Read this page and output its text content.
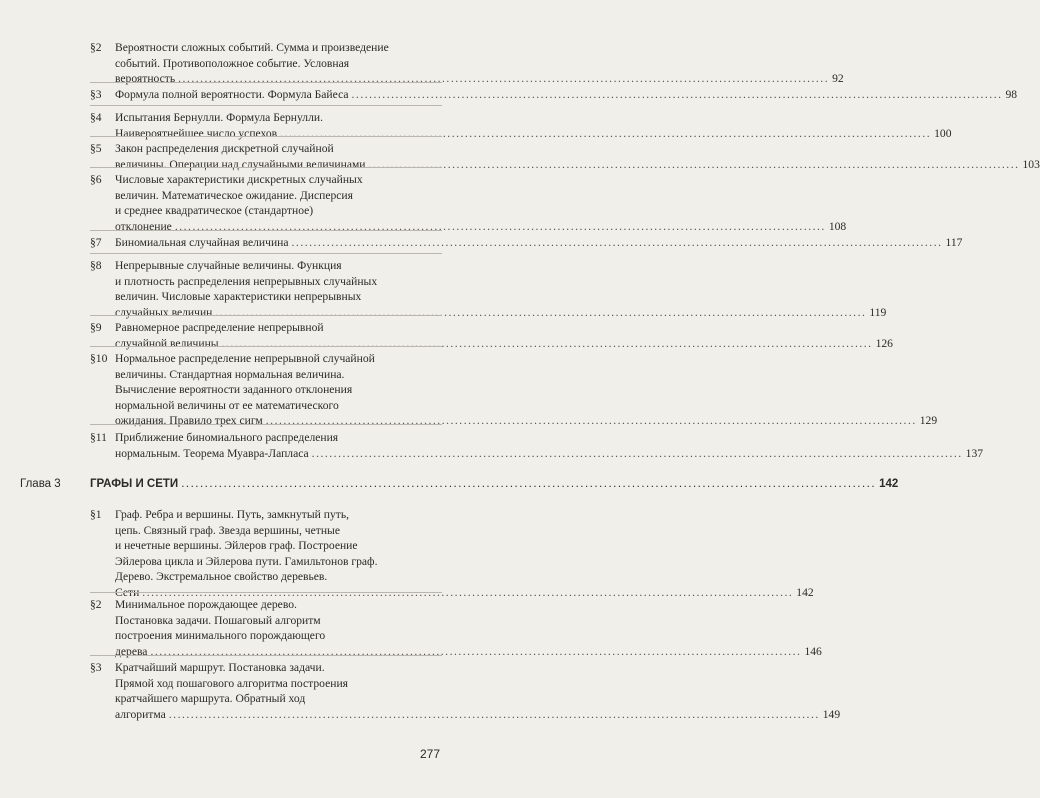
Глава 3	ГРАФЫ И СЕТИ .................................................................................................................................................... 142
277
§2	Вероятности сложных событий. Сумма и произведение
событий. Противоположное событие. Условная
вероятность .................................................................................................................................................... 92
§3	Формула полной вероятности. Формула Байеса .................................................................................................................................................... 98
§4	Испытания Бернулли. Формула Бернулли.
Наивероятнейшее число успехов .................................................................................................................................................... 100
§5	Закон распределения дискретной случайной
величины. Операции над случайными величинами .................................................................................................................................................... 103
§6	Числовые характеристики дискретных случайных
величин. Математическое ожидание. Дисперсия
и среднее квадратическое (стандартное)
отклонение .................................................................................................................................................... 108
§7	Биномиальная случайная величина .................................................................................................................................................... 117
§8	Непрерывные случайные величины. Функция
и плотность распределения непрерывных случайных
величин. Числовые характеристики непрерывных
случайных величин .................................................................................................................................................... 119
§9	Равномерное распределение непрерывной
случайной величины .................................................................................................................................................... 126
§10 Нормальное распределение непрерывной случайной
величины. Стандартная нормальная величина.
Вычисление вероятности заданного отклонения
нормальной величины от ее математического
ожидания. Правило трех сигм .................................................................................................................................................... 129
§11 Приближение биномиального распределения
нормальным. Теорема Муавра-Лапласа .................................................................................................................................................... 137
§1	Граф. Ребра и вершины. Путь, замкнутый путь,
цепь. Связный граф. Звезда вершины, четные
и нечетные вершины. Эйлеров граф. Построение
Эйлерова цикла и Эйлерова пути. Гамильтонов граф.
Дерево. Экстремальное свойство деревьев.
Сети .................................................................................................................................................... 142
§2	Минимальное порождающее дерево.
Постановка задачи. Пошаговый алгоритм
построения минимального порождающего
дерева .................................................................................................................................................... 146
§3	Кратчайший маршрут. Постановка задачи.
Прямой ход пошагового алгоритма построения
кратчайшего маршрута. Обратный ход
алгоритма .................................................................................................................................................... 149
